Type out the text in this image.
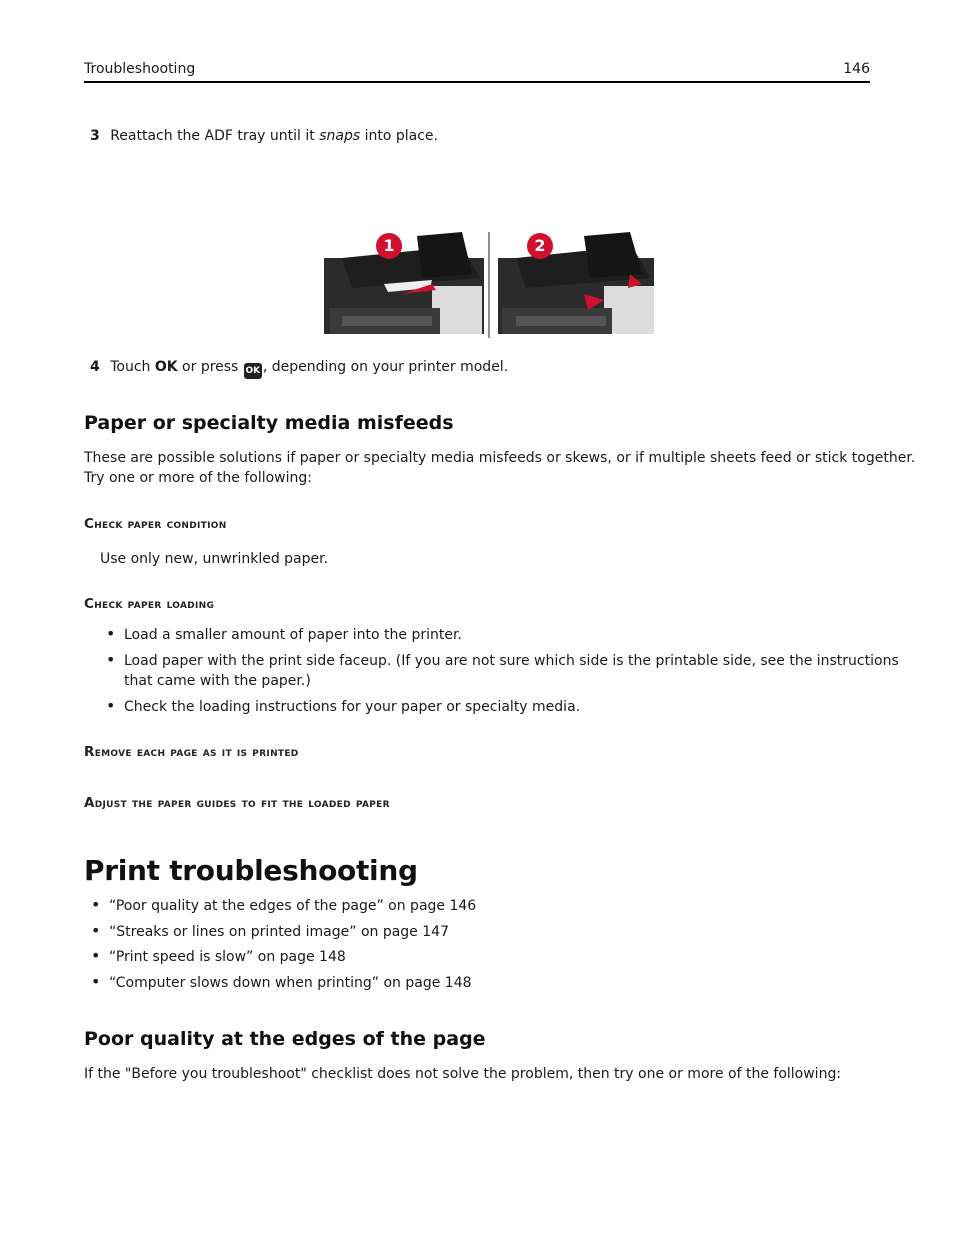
Troubleshooting	146
3 Reattach the ADF tray until it snaps into place.
1	2
4 Touch OK or press OK , depending on your printer model.
Paper or specialty media misfeeds
These are possible solutions if paper or specialty media misfeeds or skews, or if multiple sheets feed or stick together.
Try one or more of the following:
Check paper condition
Use only new, unwrinkled paper.
Check paper loading
• Load a smaller amount of paper into the printer.
• Load paper with the print side faceup. (If you are not sure which side is the printable side, see the instructions
that came with the paper.)
• Check the loading instructions for your paper or specialty media.
Remove each page as it is printed
Adjust the paper guides to fit the loaded paper
Print troubleshooting
• “Poor quality at the edges of the page” on page 146
• “Streaks or lines on printed image” on page 147
• “Print speed is slow” on page 148
• “Computer slows down when printing” on page 148
Poor quality at the edges of the page
If the "Before you troubleshoot" checklist does not solve the problem, then try one or more of the following:
